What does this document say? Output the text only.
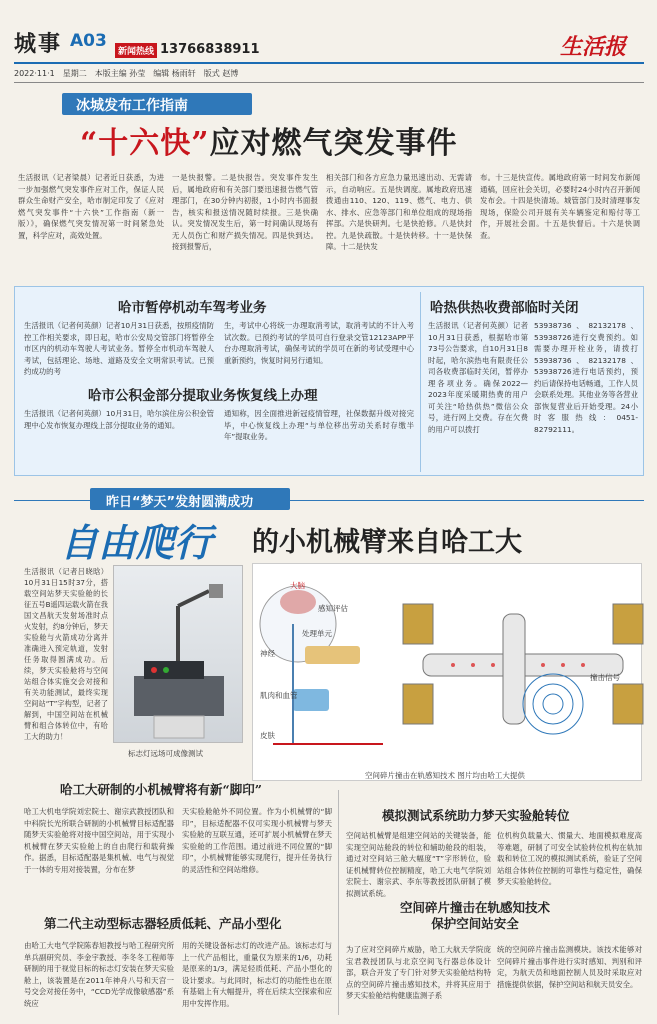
城事 A03
新闻热线 13766838911	生活报
2022·11·1　星期二　本版主编 孙莹　编辑 杨雨轩　版式 赵博
冰城发布工作指南
“十六快”应对燃气突发事件
生活报讯（记者梁晨）记者近日获悉，为进一步加强燃气突发事件应对工作，保证人民群众生命财产安全，哈市制定印发了《应对燃气突发事件“十六快”工作指南（新一版）》，确保燃气突发情况第一时间紧急处置，科学应对，高效处置。
一是快报警。二是快报告。突发事件发生后，属地政府和有关部门要迅速报告燃气管理部门，在30分钟内初报，1小时内书面报告，核实和报送情况随时续报。三是快确认。突发情况发生后，第一时间确认现场有无人员伤亡和财产损失情况。四是快到达。接到报警后，
相关部门和各方应急力量迅速出动、无需请示，自动响应。五是快调度。属地政府迅速拨通由110、120、119、燃气、电力、供水、排水、应急等部门和单位组成的现场指挥部。六是快研判。七是快抢修。八是快封控。九是快疏散。十是快转移。十一是快保障。十二是快发
布。十三是快宣传。属地政府第一时间发布新闻通稿，回应社会关切，必要时24小时内召开新闻发布会。十四是快清场。城管部门及时清理事发现场，保险公司开展有关车辆鉴定和赔付等工作，开展社会面。十五是快督后。十六是快调查。
哈市暂停机动车驾考业务
生活报讯（记者何英颜）记者10月31日获悉，按照疫情防控工作相关要求，即日起，哈市公安局交管部门将暂停全市区内的机动车驾驶人考试业务。暂停全市机动车驾驶人考试，包括理论、场地、道路及安全文明常识考试。已预约成功的考
生，考试中心将统一办理取消考试，取消考试的不计入考试次数。已预约考试的学员可自行登录交管12123APP平台办理取消考试，确保考试的学员可在新的考试受理中心重新预约，恢复时间另行通知。
哈市公积金部分提取业务恢复线上办理
生活报讯（记者何英颜）10月31日，哈尔滨住房公积金管理中心发布恢复办理线上部分提取业务的通知。
通知称，因全面推进新冠疫情管理，社保数据升级对接完毕，中心恢复线上办理“与单位移出劳动关系时存缴半年”提取业务。
哈热供热收费部临时关闭
生活报讯（记者何英颜）记者10月31日获悉，根据哈市第73号公告要求，自10月31日8时起，哈尔滨热电有限责任公司各收费部临时关闭，暂停办理各项业务。确保2022—2023年度采暖期热费的用户可关注“哈热供热”微信公众号，进行网上交费。存在欠费的用户可以拨打
53938736、82132178、53938726进行交费预约。如需要办理开栓业务，请拨打53938736、82132178、53938726进行电话预约，预约后请保持电话畅通，工作人员会联系处理。其他业务等各营业部恢复营业后开始受理。24小时客服热线：0451-82792111。
昨日“梦天”发射圆满成功
自由爬行 的小机械臂来自哈工大
生活报讯（记者吕晓晗）10月31日15时37分，搭载空间站梦天实验舱的长征五号B遥四运载火箭在我国文昌航天发射场准时点火发射，约8分钟后，梦天实验舱与火箭成功分离并准确进入预定轨道，发射任务取得圆满成功。后续，梦天实验舱将与空间站组合体实施交会对接和有关功能测试，最终实现空间站“T”字构型，记者了解到，中国空间站在机械臂和组合体转位中，有哈工大的助力！
标志灯远场可成像测试
大脑
感知评估
处理单元
神经
肌肉和血管
皮肤
撞击信号
空间碎片撞击在轨感知技术 图片均由哈工大提供
哈工大研制的小机械臂将有新“脚印”
哈工大机电学院刘宏院士、谢宗武教授团队和中科院长光所联合研制的小机械臂目标适配器随梦天实验舱将对接中国空间站，用于实现小机械臂在梦天实验舱上的自由爬行和载荷操作。据悉，目标适配器是集机械、电气与视觉于一体的专用对接装置，分布在梦
天实验舱舱外不同位置。作为小机械臂的“脚印”，目标适配器不仅可实现小机械臂与梦天实验舱的互联互通，还可扩展小机械臂在梦天实验舱的工作范围。通过前进不同位置的“脚印”，小机械臂能够实现爬行，提升任务执行的灵活性和空间站维修。
第二代主动型标志器轻质低耗、产品小型化
由哈工大电气学院陈春旭教授与哈工程研究所单兵副研究员、李金宇教授、李冬冬工程师等研制的用于视觉目标的标志灯安装在梦天实验舱上，该装置是在2011年神舟八号和天宫一号交会对接任务中，“CCD光学成像敏感器”系统应
用的关键设备标志灯的改进产品。该标志灯与上一代产品相比，重量仅为原来的1/6，功耗是原来的1/3，满足轻质低耗、产品小型化的设计要求。与此同时，标志灯的功能性也在原有基础上有大幅提升，将在后续太空探索和应用中发挥作用。
模拟测试系统助力梦天实验舱转位
空间站机械臂是组建空间站的关键装备，能实现空间站舱段的转位和辅助舱段的组装，通过对空间站三舱大幅度“T”字形转位，验证机械臂转位控制精度，哈工大电气学院刘宏院士、谢宗武、李东等教授团队研制了模拟测试系统。
位机构负载量大、惯量大、地面模拟难度高等难题，研制了可安全试验转位机构在轨加载和转位工况的模拟测试系统，验证了空间站组合体转位控制的可靠性与稳定性，确保梦天实验舱转位。
空间碎片撞击在轨感知技术
保护空间站安全
为了应对空间碎片威胁，哈工大航天学院庞宝君教授团队与北京空间飞行器总体设计部，联合开发了专门针对梦天实验舱结构特点的空间碎片撞击感知技术，并将其应用于梦天实验舱结构健康监测子系
统的空间碎片撞击监测模块。该技术能够对空间碎片撞击事件进行实时感知、判别和评定，为航天员和地面控制人员及时采取应对措施提供依据，保护空间站和航天员安全。
